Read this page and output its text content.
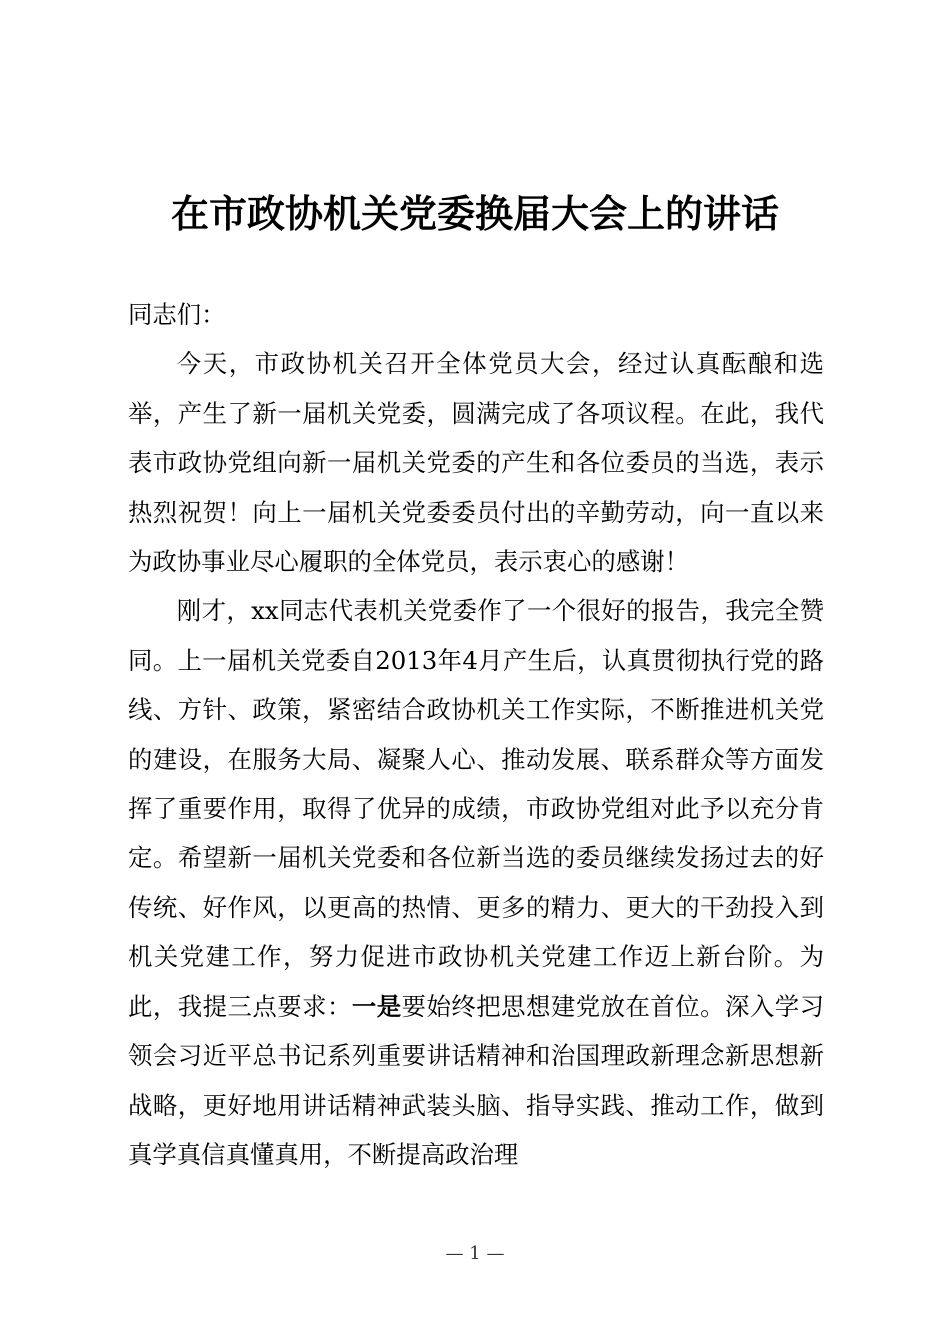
在市政协机关党委换届大会上的讲话

同志们：

今天，市政协机关召开全体党员大会，经过认真酝酿和选举，产生了新一届机关党委，圆满完成了各项议程。在此，我代表市政协党组向新一届机关党委的产生和各位委员的当选，表示热烈祝贺！向上一届机关党委委员付出的辛勤劳动，向一直以来为政协事业尽心履职的全体党员，表示衷心的感谢！

刚才，xx同志代表机关党委作了一个很好的报告，我完全赞同。上一届机关党委自2013年4月产生后，认真贯彻执行党的路线、方针、政策，紧密结合政协机关工作实际，不断推进机关党的建设，在服务大局、凝聚人心、推动发展、联系群众等方面发挥了重要作用，取得了优异的成绩，市政协党组对此予以充分肯定。希望新一届机关党委和各位新当选的委员继续发扬过去的好传统、好作风，以更高的热情、更多的精力、更大的干劲投入到机关党建工作，努力促进市政协机关党建工作迈上新台阶。为此，我提三点要求：一是要始终把思想建党放在首位。深入学习领会习近平总书记系列重要讲话精神和治国理政新理念新思想新战略，更好地用讲话精神武装头脑、指导实践、推动工作，做到真学真信真懂真用，不断提高政治理

— 1 —
